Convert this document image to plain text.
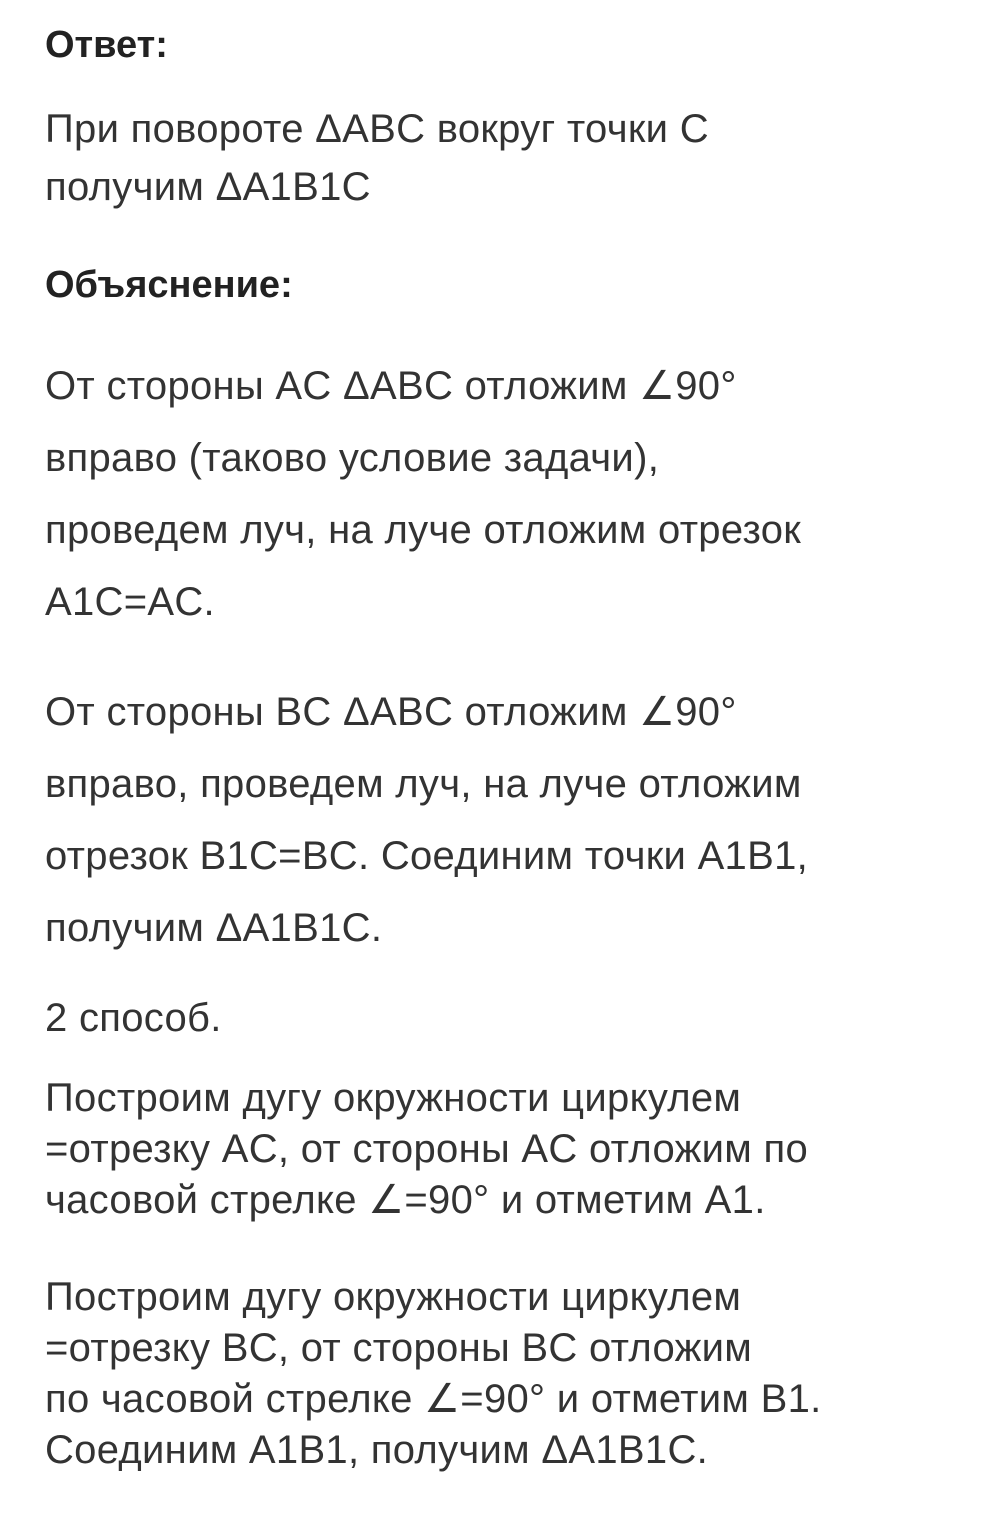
Ответ:

При повороте ΔABC вокруг точки C
получим ΔA1B1C

Объяснение:

От стороны AC ΔABC отложим ∠90°
вправо (таково условие задачи),
проведем луч, на луче отложим отрезок
A1C=AC.

От стороны BC ΔABC отложим ∠90°
вправо, проведем луч, на луче отложим
отрезок B1C=BC. Соединим точки A1B1,
получим ΔA1B1C.

2 способ.

Построим дугу окружности циркулем
=отрезку AC, от стороны AC отложим по
часовой стрелке ∠=90° и отметим A1.

Построим дугу окружности циркулем
=отрезку BC, от стороны BC отложим
по часовой стрелке ∠=90° и отметим B1.
Соединим A1B1, получим ΔA1B1C.
